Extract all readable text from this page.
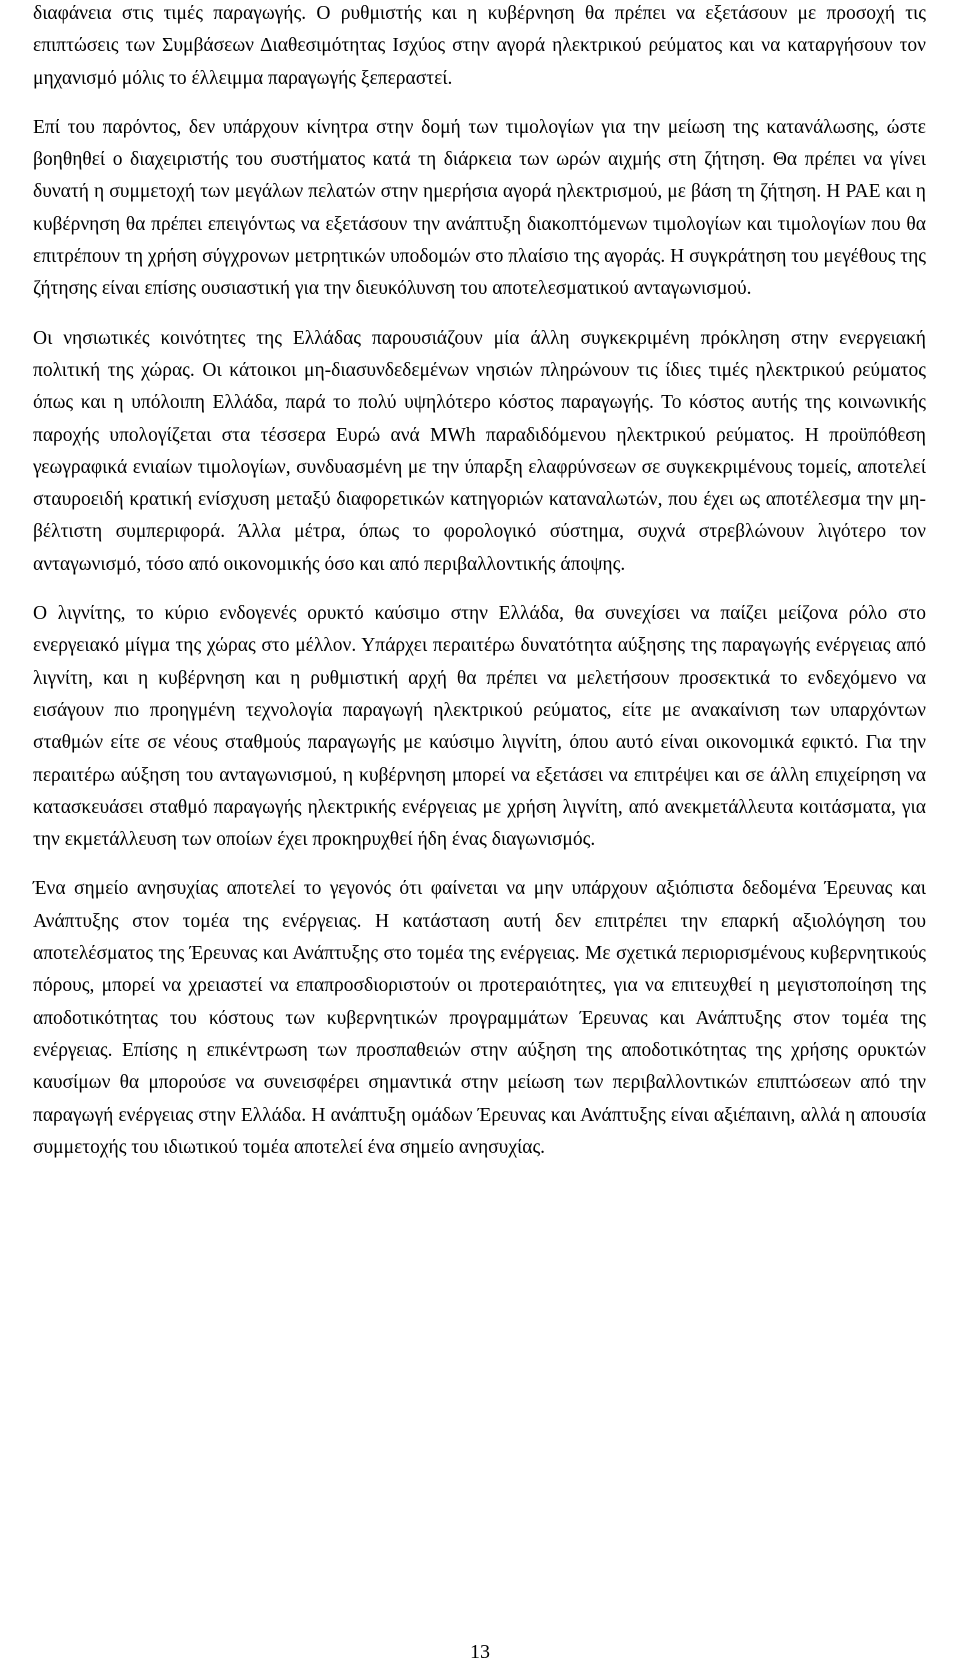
διαφάνεια στις τιμές παραγωγής. Ο ρυθμιστής και η κυβέρνηση θα πρέπει να εξετάσουν με προσοχή τις επιπτώσεις των Συμβάσεων Διαθεσιμότητας Ισχύος στην αγορά ηλεκτρικού ρεύματος και να καταργήσουν τον μηχανισμό μόλις το έλλειμμα παραγωγής ξεπεραστεί.

Επί του παρόντος, δεν υπάρχουν κίνητρα στην δομή των τιμολογίων για την μείωση της κατανάλωσης, ώστε βοηθηθεί ο διαχειριστής του συστήματος κατά τη διάρκεια των ωρών αιχμής στη ζήτηση. Θα πρέπει να γίνει δυνατή η συμμετοχή των μεγάλων πελατών στην ημερήσια αγορά ηλεκτρισμού, με βάση τη ζήτηση. Η ΡΑΕ και η κυβέρνηση θα πρέπει επειγόντως να εξετάσουν την ανάπτυξη διακοπτόμενων τιμολογίων και τιμολογίων που θα επιτρέπουν τη χρήση σύγχρονων μετρητικών υποδομών στο πλαίσιο της αγοράς. Η συγκράτηση του μεγέθους της ζήτησης είναι επίσης ουσιαστική για την διευκόλυνση του αποτελεσματικού ανταγωνισμού.

Οι νησιωτικές κοινότητες της Ελλάδας παρουσιάζουν μία άλλη συγκεκριμένη πρόκληση στην ενεργειακή πολιτική της χώρας. Οι κάτοικοι μη-διασυνδεδεμένων νησιών πληρώνουν τις ίδιες τιμές ηλεκτρικού ρεύματος όπως και η υπόλοιπη Ελλάδα, παρά το πολύ υψηλότερο κόστος παραγωγής. Το κόστος αυτής της κοινωνικής παροχής υπολογίζεται στα τέσσερα Ευρώ ανά MWh παραδιδόμενου ηλεκτρικού ρεύματος. Η προϋπόθεση γεωγραφικά ενιαίων τιμολογίων, συνδυασμένη με την ύπαρξη ελαφρύνσεων σε συγκεκριμένους τομείς, αποτελεί σταυροειδή κρατική ενίσχυση μεταξύ διαφορετικών κατηγοριών καταναλωτών, που έχει ως αποτέλεσμα την μη-βέλτιστη συμπεριφορά. Άλλα μέτρα, όπως το φορολογικό σύστημα, συχνά στρεβλώνουν λιγότερο τον ανταγωνισμό, τόσο από οικονομικής όσο και από περιβαλλοντικής άποψης.

Ο λιγνίτης, το κύριο ενδογενές ορυκτό καύσιμο στην Ελλάδα, θα συνεχίσει να παίζει μείζονα ρόλο στο ενεργειακό μίγμα της χώρας στο μέλλον. Υπάρχει περαιτέρω δυνατότητα αύξησης της παραγωγής ενέργειας από λιγνίτη, και η κυβέρνηση και η ρυθμιστική αρχή θα πρέπει να μελετήσουν προσεκτικά το ενδεχόμενο να εισάγουν πιο προηγμένη τεχνολογία παραγωγή ηλεκτρικού ρεύματος, είτε με ανακαίνιση των υπαρχόντων σταθμών είτε σε νέους σταθμούς παραγωγής με καύσιμο λιγνίτη, όπου αυτό είναι οικονομικά εφικτό. Για την περαιτέρω αύξηση του ανταγωνισμού, η κυβέρνηση μπορεί να εξετάσει να επιτρέψει και σε άλλη επιχείρηση να κατασκευάσει σταθμό παραγωγής ηλεκτρικής ενέργειας με χρήση λιγνίτη, από ανεκμετάλλευτα κοιτάσματα, για την εκμετάλλευση των οποίων έχει προκηρυχθεί ήδη ένας διαγωνισμός.

Ένα σημείο ανησυχίας αποτελεί το γεγονός ότι φαίνεται να μην υπάρχουν αξιόπιστα δεδομένα Έρευνας και Ανάπτυξης στον τομέα της ενέργειας. Η κατάσταση αυτή δεν επιτρέπει την επαρκή αξιολόγηση του αποτελέσματος της Έρευνας και Ανάπτυξης στο τομέα της ενέργειας. Με σχετικά περιορισμένους κυβερνητικούς πόρους, μπορεί να χρειαστεί να επαπροσδιοριστούν οι προτεραιότητες, για να επιτευχθεί η μεγιστοποίηση της αποδοτικότητας του κόστους των κυβερνητικών προγραμμάτων Έρευνας και Ανάπτυξης στον τομέα της ενέργειας. Επίσης η επικέντρωση των προσπαθειών στην αύξηση της αποδοτικότητας της χρήσης ορυκτών καυσίμων θα μπορούσε να συνεισφέρει σημαντικά στην μείωση των περιβαλλοντικών επιπτώσεων από την παραγωγή ενέργειας στην Ελλάδα. Η ανάπτυξη ομάδων Έρευνας και Ανάπτυξης είναι αξιέπαινη, αλλά η απουσία συμμετοχής του ιδιωτικού τομέα αποτελεί ένα σημείο ανησυχίας.

13
